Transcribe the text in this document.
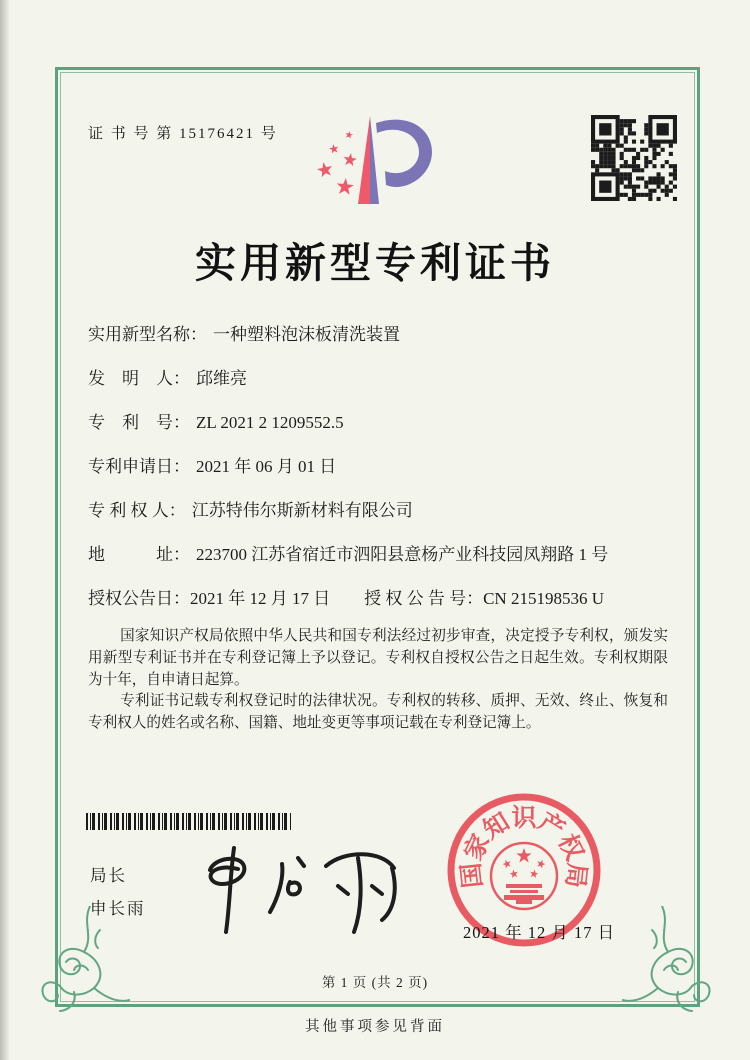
证 书 号 第 15176421 号
实用新型专利证书
实用新型名称： 一种塑料泡沫板清洗装置
发　明　人： 邱维亮
专　利　号： ZL 2021 2 1209552.5
专利申请日： 2021 年 06 月 01 日
专 利 权 人： 江苏特伟尔斯新材料有限公司
地　　　址： 223700 江苏省宿迁市泗阳县意杨产业科技园凤翔路 1 号
授权公告日： 2021 年 12 月 17 日 授 权 公 告 号： CN 215198536 U

国家知识产权局依照中华人民共和国专利法经过初步审查，决定授予专利权，颁发实用新型专利证书并在专利登记簿上予以登记。专利权自授权公告之日起生效。专利权期限为十年，自申请日起算。

专利证书记载专利权登记时的法律状况。专利权的转移、质押、无效、终止、恢复和专利权人的姓名或名称、国籍、地址变更等事项记载在专利登记簿上。

局长
申长雨
国
家
知
识
产
权
局
2021 年 12 月 17 日
第 1 页 (共 2 页)
其他事项参见背面
